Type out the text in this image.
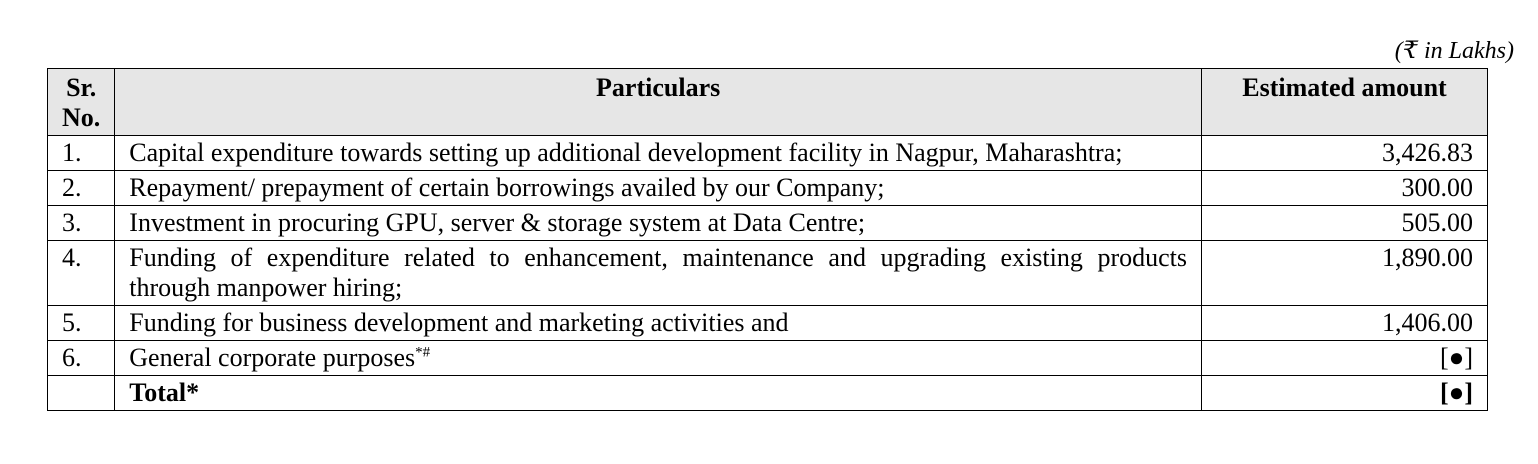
(₹ in Lakhs)
Sr.
No.	Particulars	Estimated amount
1.	Capital expenditure towards setting up additional development facility in Nagpur, Maharashtra;	3,426.83
2.	Repayment/ prepayment of certain borrowings availed by our Company;	300.00
3.	Investment in procuring GPU, server & storage system at Data Centre;	505.00
4.	Funding of expenditure related to enhancement, maintenance and upgrading existing products through manpower hiring;	1,890.00
5.	Funding for business development and marketing activities and	1,406.00
6.	General corporate purposes*#	[●]
	Total*	[●]
